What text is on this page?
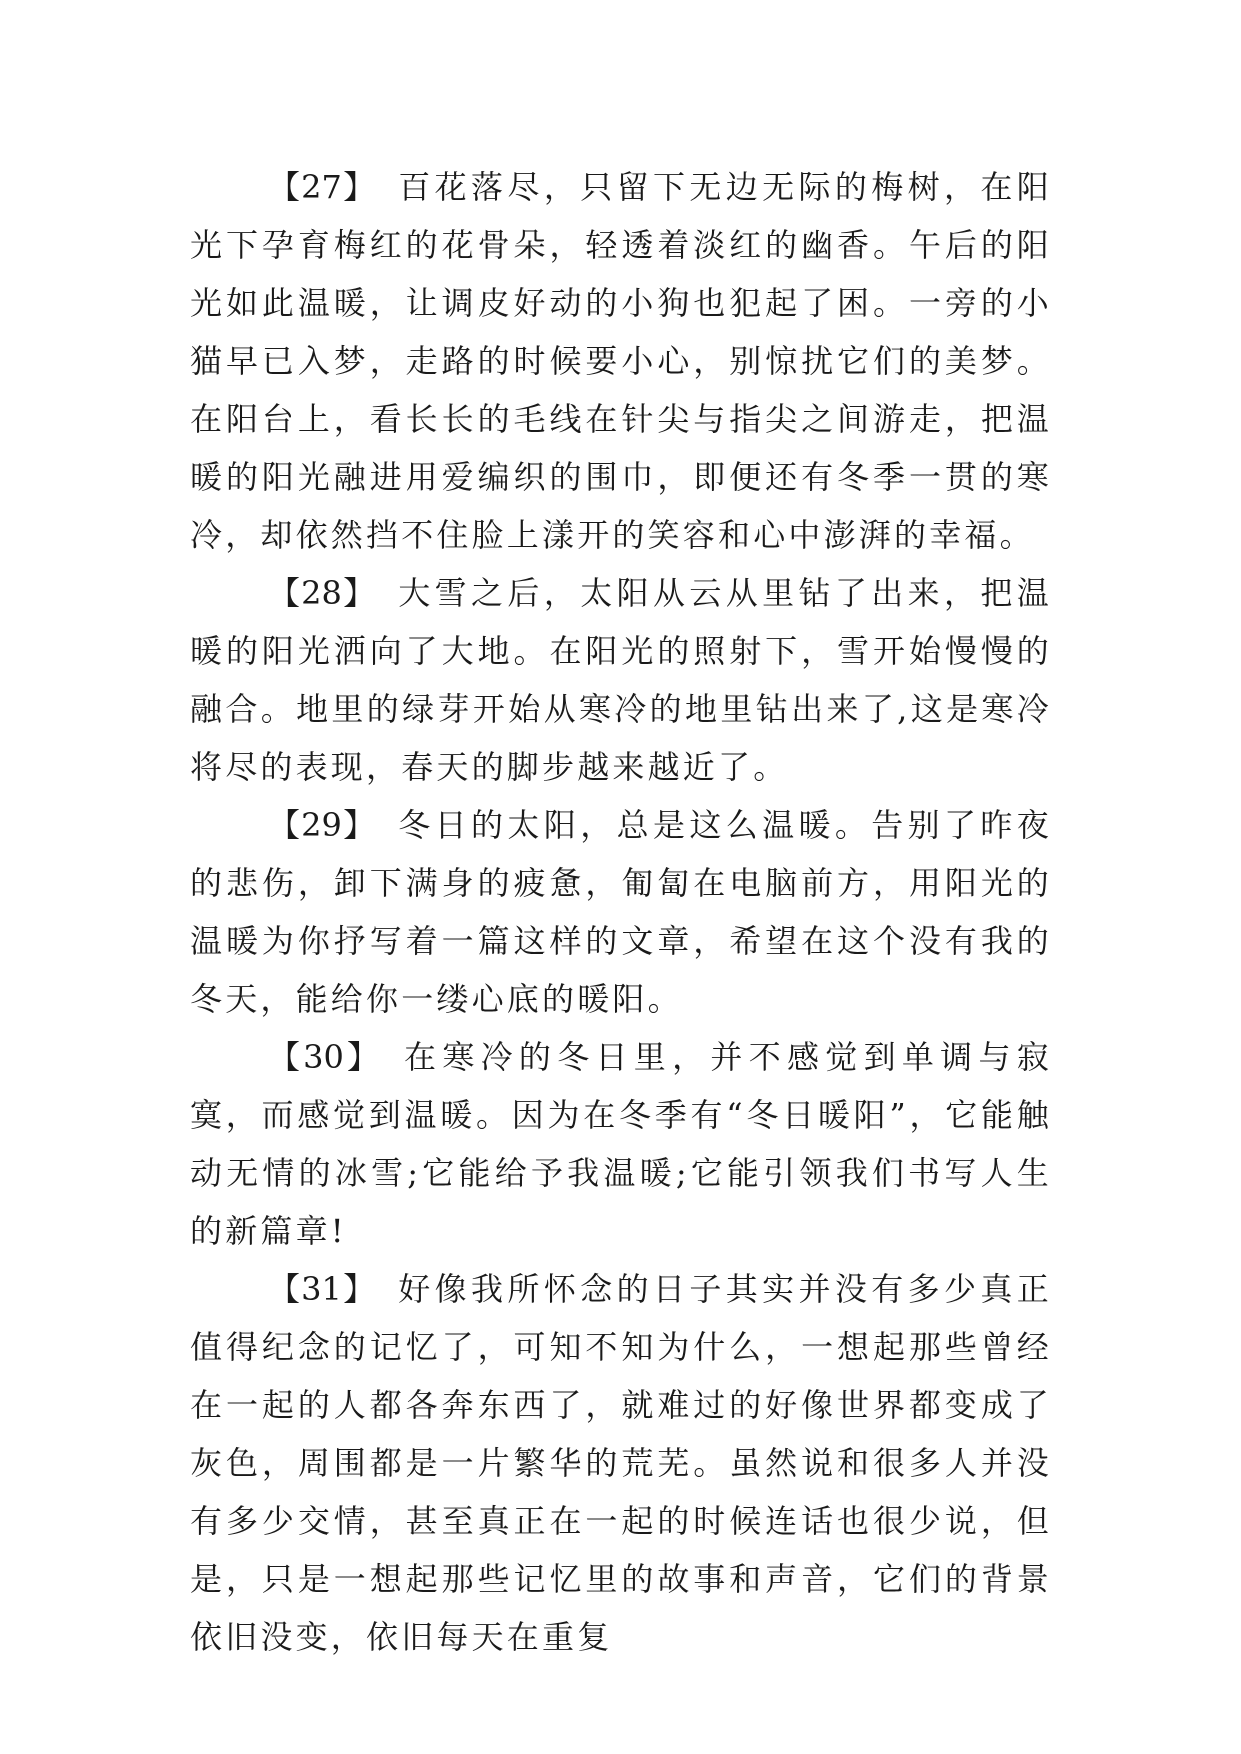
【27】 百花落尽，只留下无边无际的梅树，在阳光下孕育梅红的花骨朵，轻透着淡红的幽香。午后的阳光如此温暖，让调皮好动的小狗也犯起了困。一旁的小猫早已入梦，走路的时候要小心，别惊扰它们的美梦。在阳台上，看长长的毛线在针尖与指尖之间游走，把温暖的阳光融进用爱编织的围巾，即便还有冬季一贯的寒冷，却依然挡不住脸上漾开的笑容和心中澎湃的幸福。

【28】 大雪之后，太阳从云从里钻了出来，把温暖的阳光洒向了大地。在阳光的照射下，雪开始慢慢的融合。地里的绿芽开始从寒冷的地里钻出来了,这是寒冷将尽的表现，春天的脚步越来越近了。

【29】 冬日的太阳，总是这么温暖。告别了昨夜的悲伤，卸下满身的疲惫，匍匐在电脑前方，用阳光的温暖为你抒写着一篇这样的文章，希望在这个没有我的冬天，能给你一缕心底的暖阳。

【30】 在寒冷的冬日里，并不感觉到单调与寂寞，而感觉到温暖。因为在冬季有“冬日暖阳”，它能触动无情的冰雪;它能给予我温暖;它能引领我们书写人生的新篇章!

【31】 好像我所怀念的日子其实并没有多少真正值得纪念的记忆了，可知不知为什么，一想起那些曾经在一起的人都各奔东西了，就难过的好像世界都变成了灰色，周围都是一片繁华的荒芜。虽然说和很多人并没有多少交情，甚至真正在一起的时候连话也很少说，但是，只是一想起那些记忆里的故事和声音，它们的背景依旧没变，依旧每天在重复
